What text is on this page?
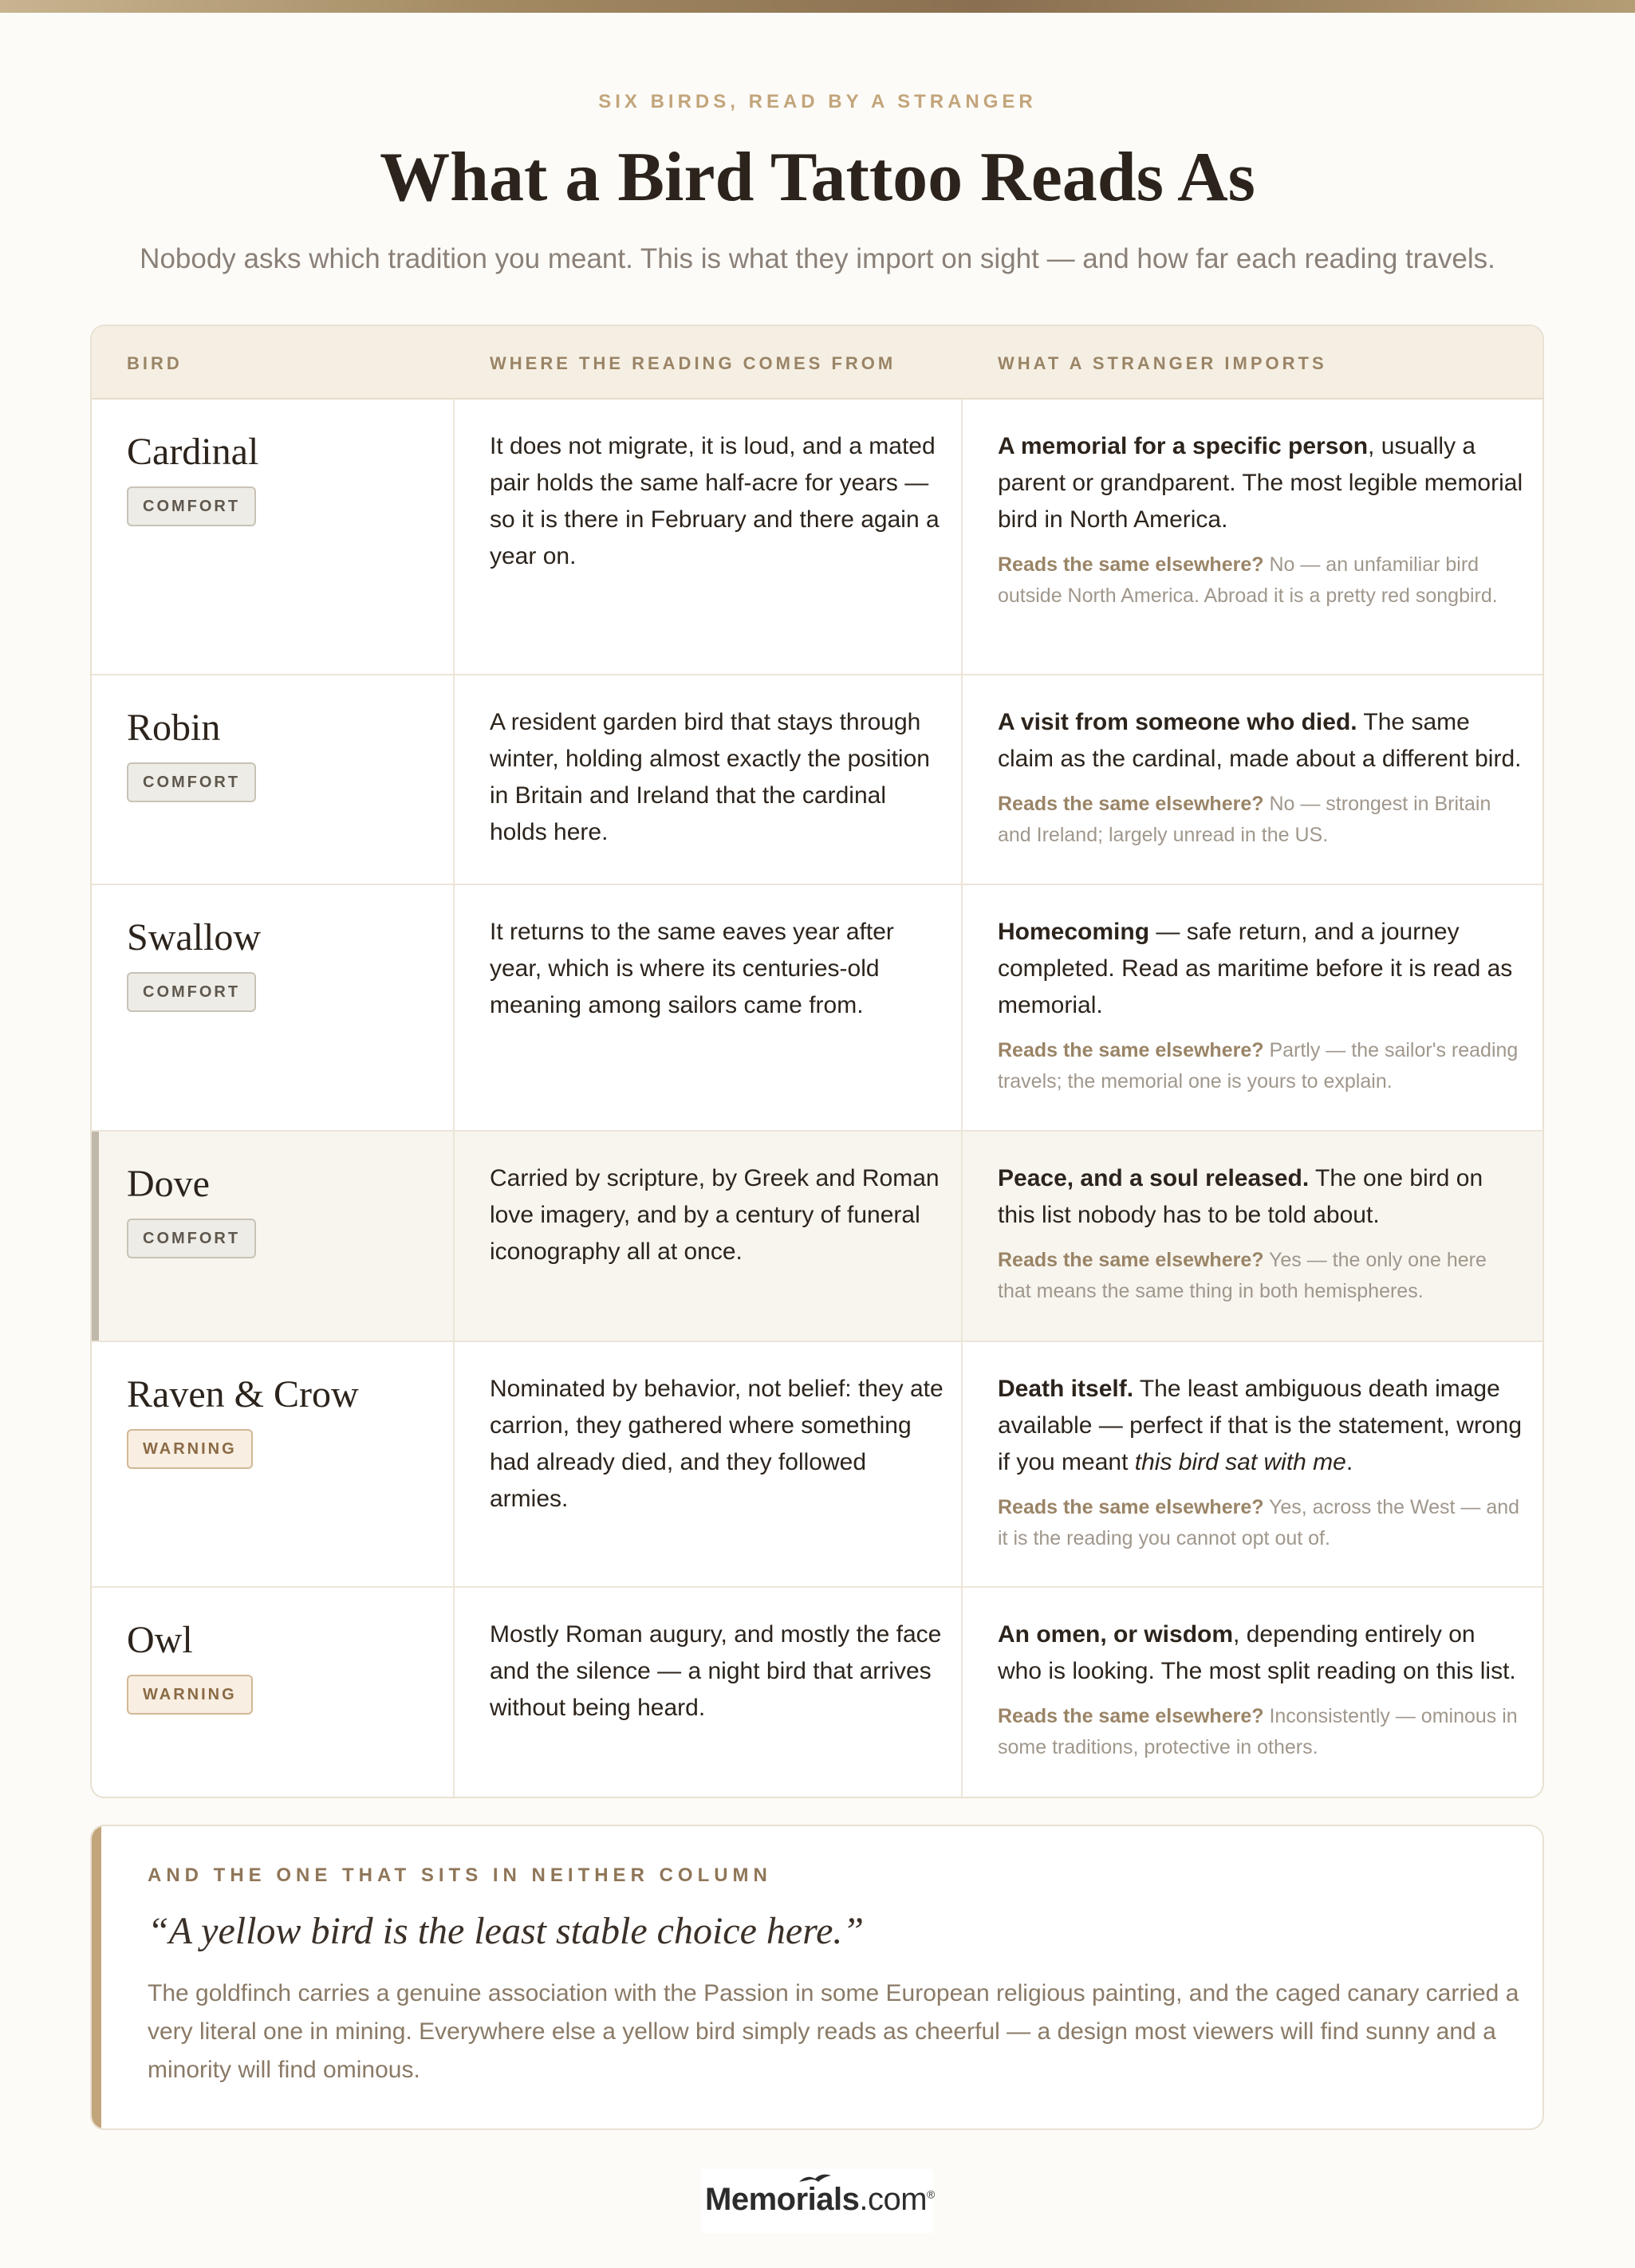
SIX BIRDS, READ BY A STRANGER
What a Bird Tattoo Reads As
Nobody asks which tradition you meant. This is what they import on sight — and how far each reading travels.
BIRD	WHERE THE READING COMES FROM	WHAT A STRANGER IMPORTS
Cardinal
COMFORT
It does not migrate, it is loud, and a mated pair holds the same half-acre for years — so it is there in February and there again a year on.
A memorial for a specific person, usually a parent or grandparent. The most legible memorial bird in North America.
Reads the same elsewhere? No — an unfamiliar bird outside North America. Abroad it is a pretty red songbird.
Robin
COMFORT
A resident garden bird that stays through winter, holding almost exactly the position in Britain and Ireland that the cardinal holds here.
A visit from someone who died. The same claim as the cardinal, made about a different bird.
Reads the same elsewhere? No — strongest in Britain and Ireland; largely unread in the US.
Swallow
COMFORT
It returns to the same eaves year after year, which is where its centuries-old meaning among sailors came from.
Homecoming — safe return, and a journey completed. Read as maritime before it is read as memorial.
Reads the same elsewhere? Partly — the sailor's reading travels; the memorial one is yours to explain.
Dove
COMFORT
Carried by scripture, by Greek and Roman love imagery, and by a century of funeral iconography all at once.
Peace, and a soul released. The one bird on this list nobody has to be told about.
Reads the same elsewhere? Yes — the only one here that means the same thing in both hemispheres.
Raven & Crow
WARNING
Nominated by behavior, not belief: they ate carrion, they gathered where something had already died, and they followed armies.
Death itself. The least ambiguous death image available — perfect if that is the statement, wrong if you meant this bird sat with me.
Reads the same elsewhere? Yes, across the West — and it is the reading you cannot opt out of.
Owl
WARNING
Mostly Roman augury, and mostly the face and the silence — a night bird that arrives without being heard.
An omen, or wisdom, depending entirely on who is looking. The most split reading on this list.
Reads the same elsewhere? Inconsistently — ominous in some traditions, protective in others.
AND THE ONE THAT SITS IN NEITHER COLUMN
“A yellow bird is the least stable choice here.”
The goldfinch carries a genuine association with the Passion in some European religious painting, and the caged canary carried a very literal one in mining. Everywhere else a yellow bird simply reads as cheerful — a design most viewers will find sunny and a minority will find ominous.
Memorials.com®
